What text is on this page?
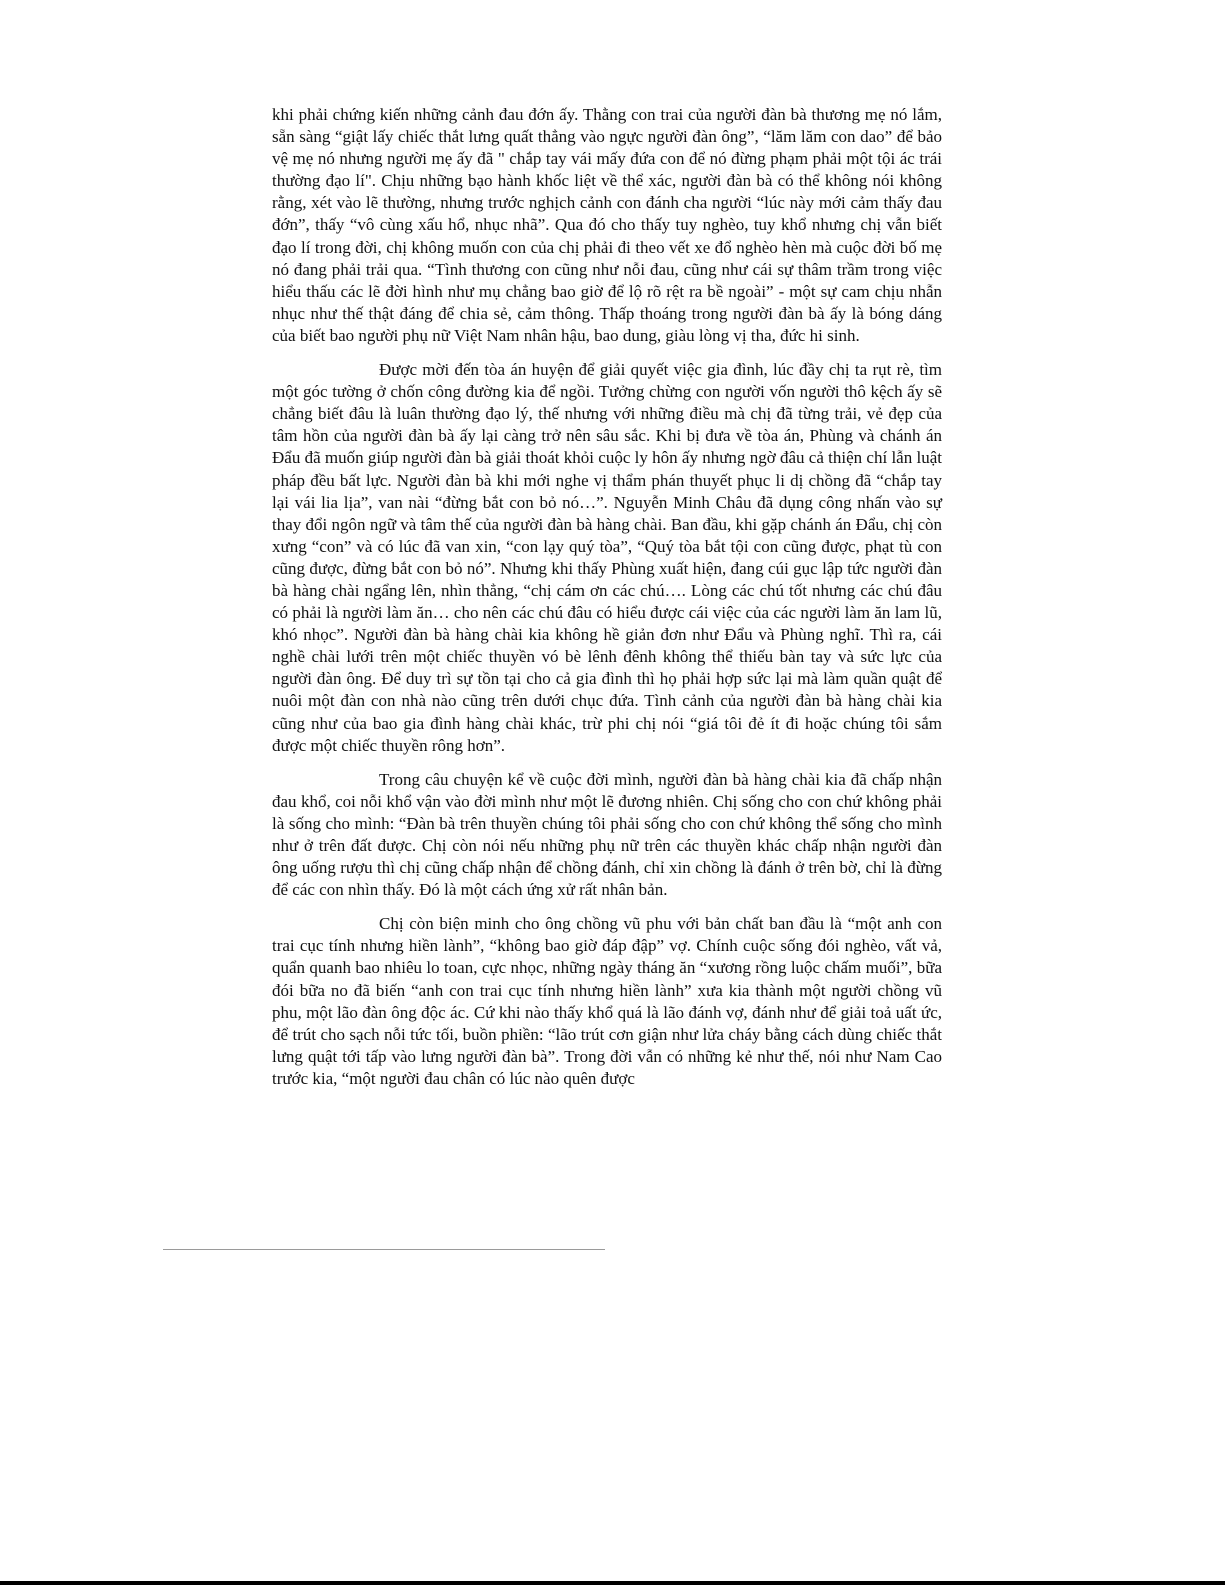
khi phải chứng kiến những cảnh đau đớn ấy. Thằng con trai của người đàn bà thương mẹ nó lắm, sẵn sàng “giật lấy chiếc thắt lưng quất thẳng vào ngực người đàn ông”, “lăm lăm con dao” để bảo vệ mẹ nó nhưng người mẹ ấy đã " chắp tay vái mấy đứa con để nó đừng phạm phải một tội ác trái thường đạo lí". Chịu những bạo hành khốc liệt về thể xác, người đàn bà có thể không nói không rằng, xét vào lẽ thường, nhưng trước nghịch cảnh con đánh cha người “lúc này mới cảm thấy đau đớn”, thấy “vô cùng xấu hổ, nhục nhã”. Qua đó cho thấy tuy nghèo, tuy khổ nhưng chị vẫn biết đạo lí trong đời, chị không muốn con của chị phải đi theo vết xe đổ nghèo hèn mà cuộc đời bố mẹ nó đang phải trải qua. “Tình thương con cũng như nỗi đau, cũng như cái sự thâm trầm trong việc hiểu thấu các lẽ đời hình như mụ chẳng bao giờ để lộ rõ rệt ra bề ngoài” - một sự cam chịu nhẫn nhục như thế thật đáng để chia sẻ, cảm thông. Thấp thoáng trong người đàn bà ấy là bóng dáng của biết bao người phụ nữ Việt Nam nhân hậu, bao dung, giàu lòng vị tha, đức hi sinh.

Được mời đến tòa án huyện để giải quyết việc gia đình, lúc đầy chị ta rụt rè, tìm một góc tường ở chốn công đường kia để ngồi. Tưởng chừng con người vốn người thô kệch ấy sẽ chẳng biết đâu là luân thường đạo lý, thế nhưng với những điều mà chị đã từng trải, vẻ đẹp của tâm hồn của người đàn bà ấy lại càng trở nên sâu sắc. Khi bị đưa về tòa án, Phùng và chánh án Đẩu đã muốn giúp người đàn bà giải thoát khỏi cuộc ly hôn ấy nhưng ngờ đâu cả thiện chí lẫn luật pháp đều bất lực. Người đàn bà khi mới nghe vị thẩm phán thuyết phục li dị chồng đã “chắp tay lại vái lia lịa”, van nài “đừng bắt con bỏ nó…”. Nguyễn Minh Châu đã dụng công nhấn vào sự thay đổi ngôn ngữ và tâm thế của người đàn bà hàng chài. Ban đầu, khi gặp chánh án Đẩu, chị còn xưng “con” và có lúc đã van xin, “con lạy quý tòa”, “Quý tòa bắt tội con cũng được, phạt tù con cũng được, đừng bắt con bỏ nó”. Nhưng khi thấy Phùng xuất hiện, đang cúi gục lập tức người đàn bà hàng chài ngẩng lên, nhìn thẳng, “chị cám ơn các chú…. Lòng các chú tốt nhưng các chú đâu có phải là người làm ăn… cho nên các chú đâu có hiểu được cái việc của các người làm ăn lam lũ, khó nhọc”. Người đàn bà hàng chài kia không hề giản đơn như Đẩu và Phùng nghĩ. Thì ra, cái nghề chài lưới trên một chiếc thuyền vó bè lênh đênh không thể thiếu bàn tay và sức lực của người đàn ông. Để duy trì sự tồn tại cho cả gia đình thì họ phải hợp sức lại mà làm quần quật để nuôi một đàn con nhà nào cũng trên dưới chục đứa. Tình cảnh của người đàn bà hàng chài kia cũng như của bao gia đình hàng chài khác, trừ phi chị nói “giá tôi đẻ ít đi hoặc chúng tôi sắm được một chiếc thuyền rông hơn”.

Trong câu chuyện kể về cuộc đời mình, người đàn bà hàng chài kia đã chấp nhận đau khổ, coi nỗi khổ vận vào đời mình như một lẽ đương nhiên. Chị sống cho con chứ không phải là sống cho mình: “Đàn bà trên thuyền chúng tôi phải sống cho con chứ không thể sống cho mình như ở trên đất được. Chị còn nói nếu những phụ nữ trên các thuyền khác chấp nhận người đàn ông uống rượu thì chị cũng chấp nhận để chồng đánh, chỉ xin chồng là đánh ở trên bờ, chỉ là đừng để các con nhìn thấy. Đó là một cách ứng xử rất nhân bản.

Chị còn biện minh cho ông chồng vũ phu với bản chất ban đầu là “một anh con trai cục tính nhưng hiền lành”, “không bao giờ đáp đập” vợ. Chính cuộc sống đói nghèo, vất vả, quẩn quanh bao nhiêu lo toan, cực nhọc, những ngày tháng ăn “xương rồng luộc chấm muối”, bữa đói bữa no đã biến “anh con trai cục tính nhưng hiền lành” xưa kia thành một người chồng vũ phu, một lão đàn ông độc ác. Cứ khi nào thấy khổ quá là lão đánh vợ, đánh như để giải toả uất ức, để trút cho sạch nỗi tức tối, buồn phiền: “lão trút cơn giận như lửa cháy bằng cách dùng chiếc thắt lưng quật tới tấp vào lưng người đàn bà”. Trong đời vẫn có những kẻ như thế, nói như Nam Cao trước kia, “một người đau chân có lúc nào quên được
